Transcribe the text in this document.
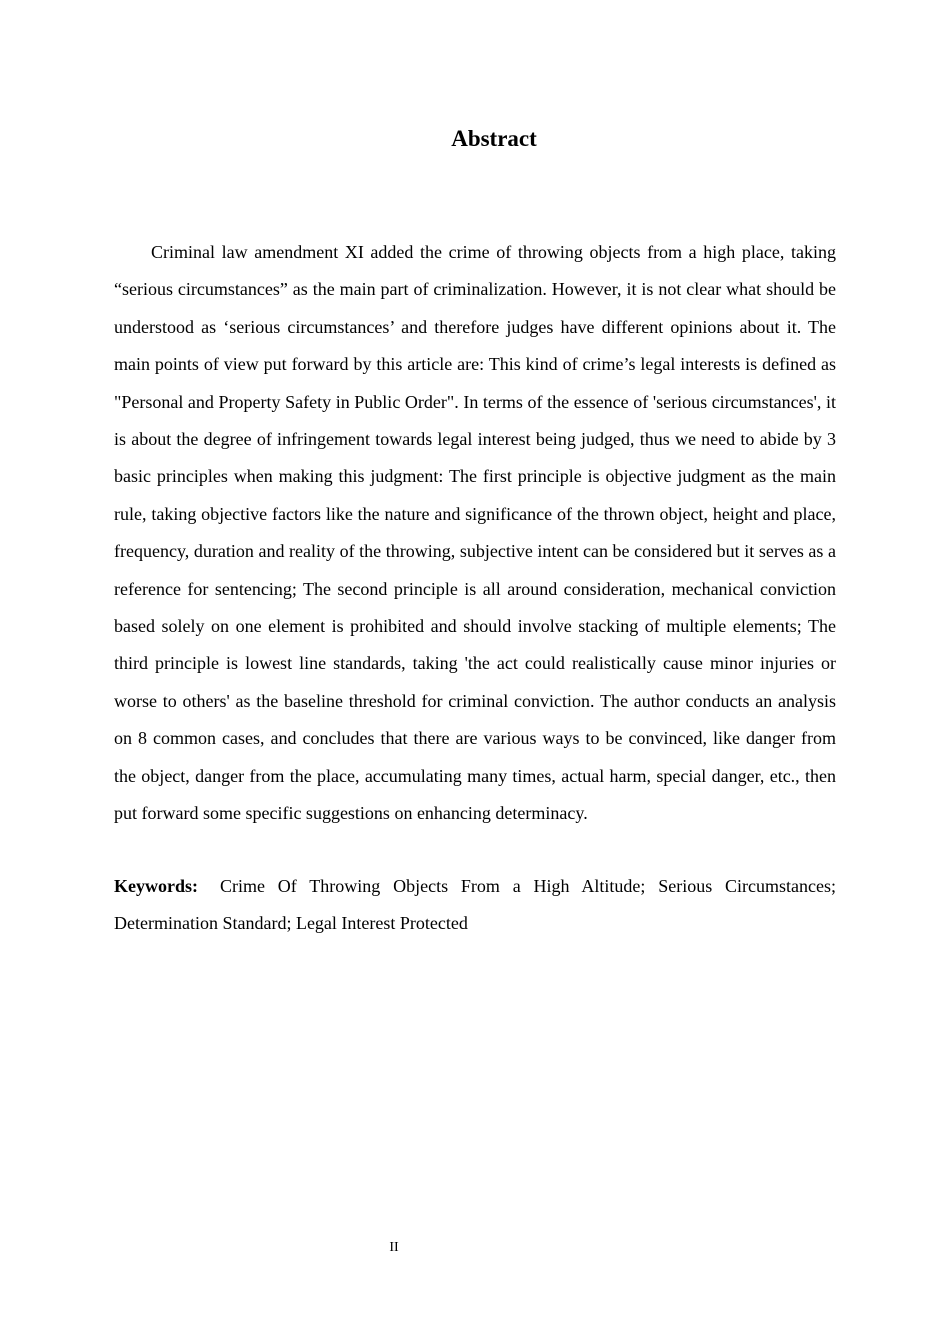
Abstract

Criminal law amendment XI added the crime of throwing objects from a high place, taking “serious circumstances” as the main part of criminalization. However, it is not clear what should be understood as ‘serious circumstances’ and therefore judges have different opinions about it. The main points of view put forward by this article are: This kind of crime’s legal interests is defined as "Personal and Property Safety in Public Order". In terms of the essence of 'serious circumstances', it is about the degree of infringement towards legal interest being judged, thus we need to abide by 3 basic principles when making this judgment: The first principle is objective judgment as the main rule, taking objective factors like the nature and significance of the thrown object, height and place, frequency, duration and reality of the throwing, subjective intent can be considered but it serves as a reference for sentencing; The second principle is all around consideration, mechanical conviction based solely on one element is prohibited and should involve stacking of multiple elements; The third principle is lowest line standards, taking 'the act could realistically cause minor injuries or worse to others' as the baseline threshold for criminal conviction. The author conducts an analysis on 8 common cases, and concludes that there are various ways to be convinced, like danger from the object, danger from the place, accumulating many times, actual harm, special danger, etc., then put forward some specific suggestions on enhancing determinacy.

Keywords: Crime Of Throwing Objects From a High Altitude; Serious Circumstances; Determination Standard; Legal Interest Protected

II
